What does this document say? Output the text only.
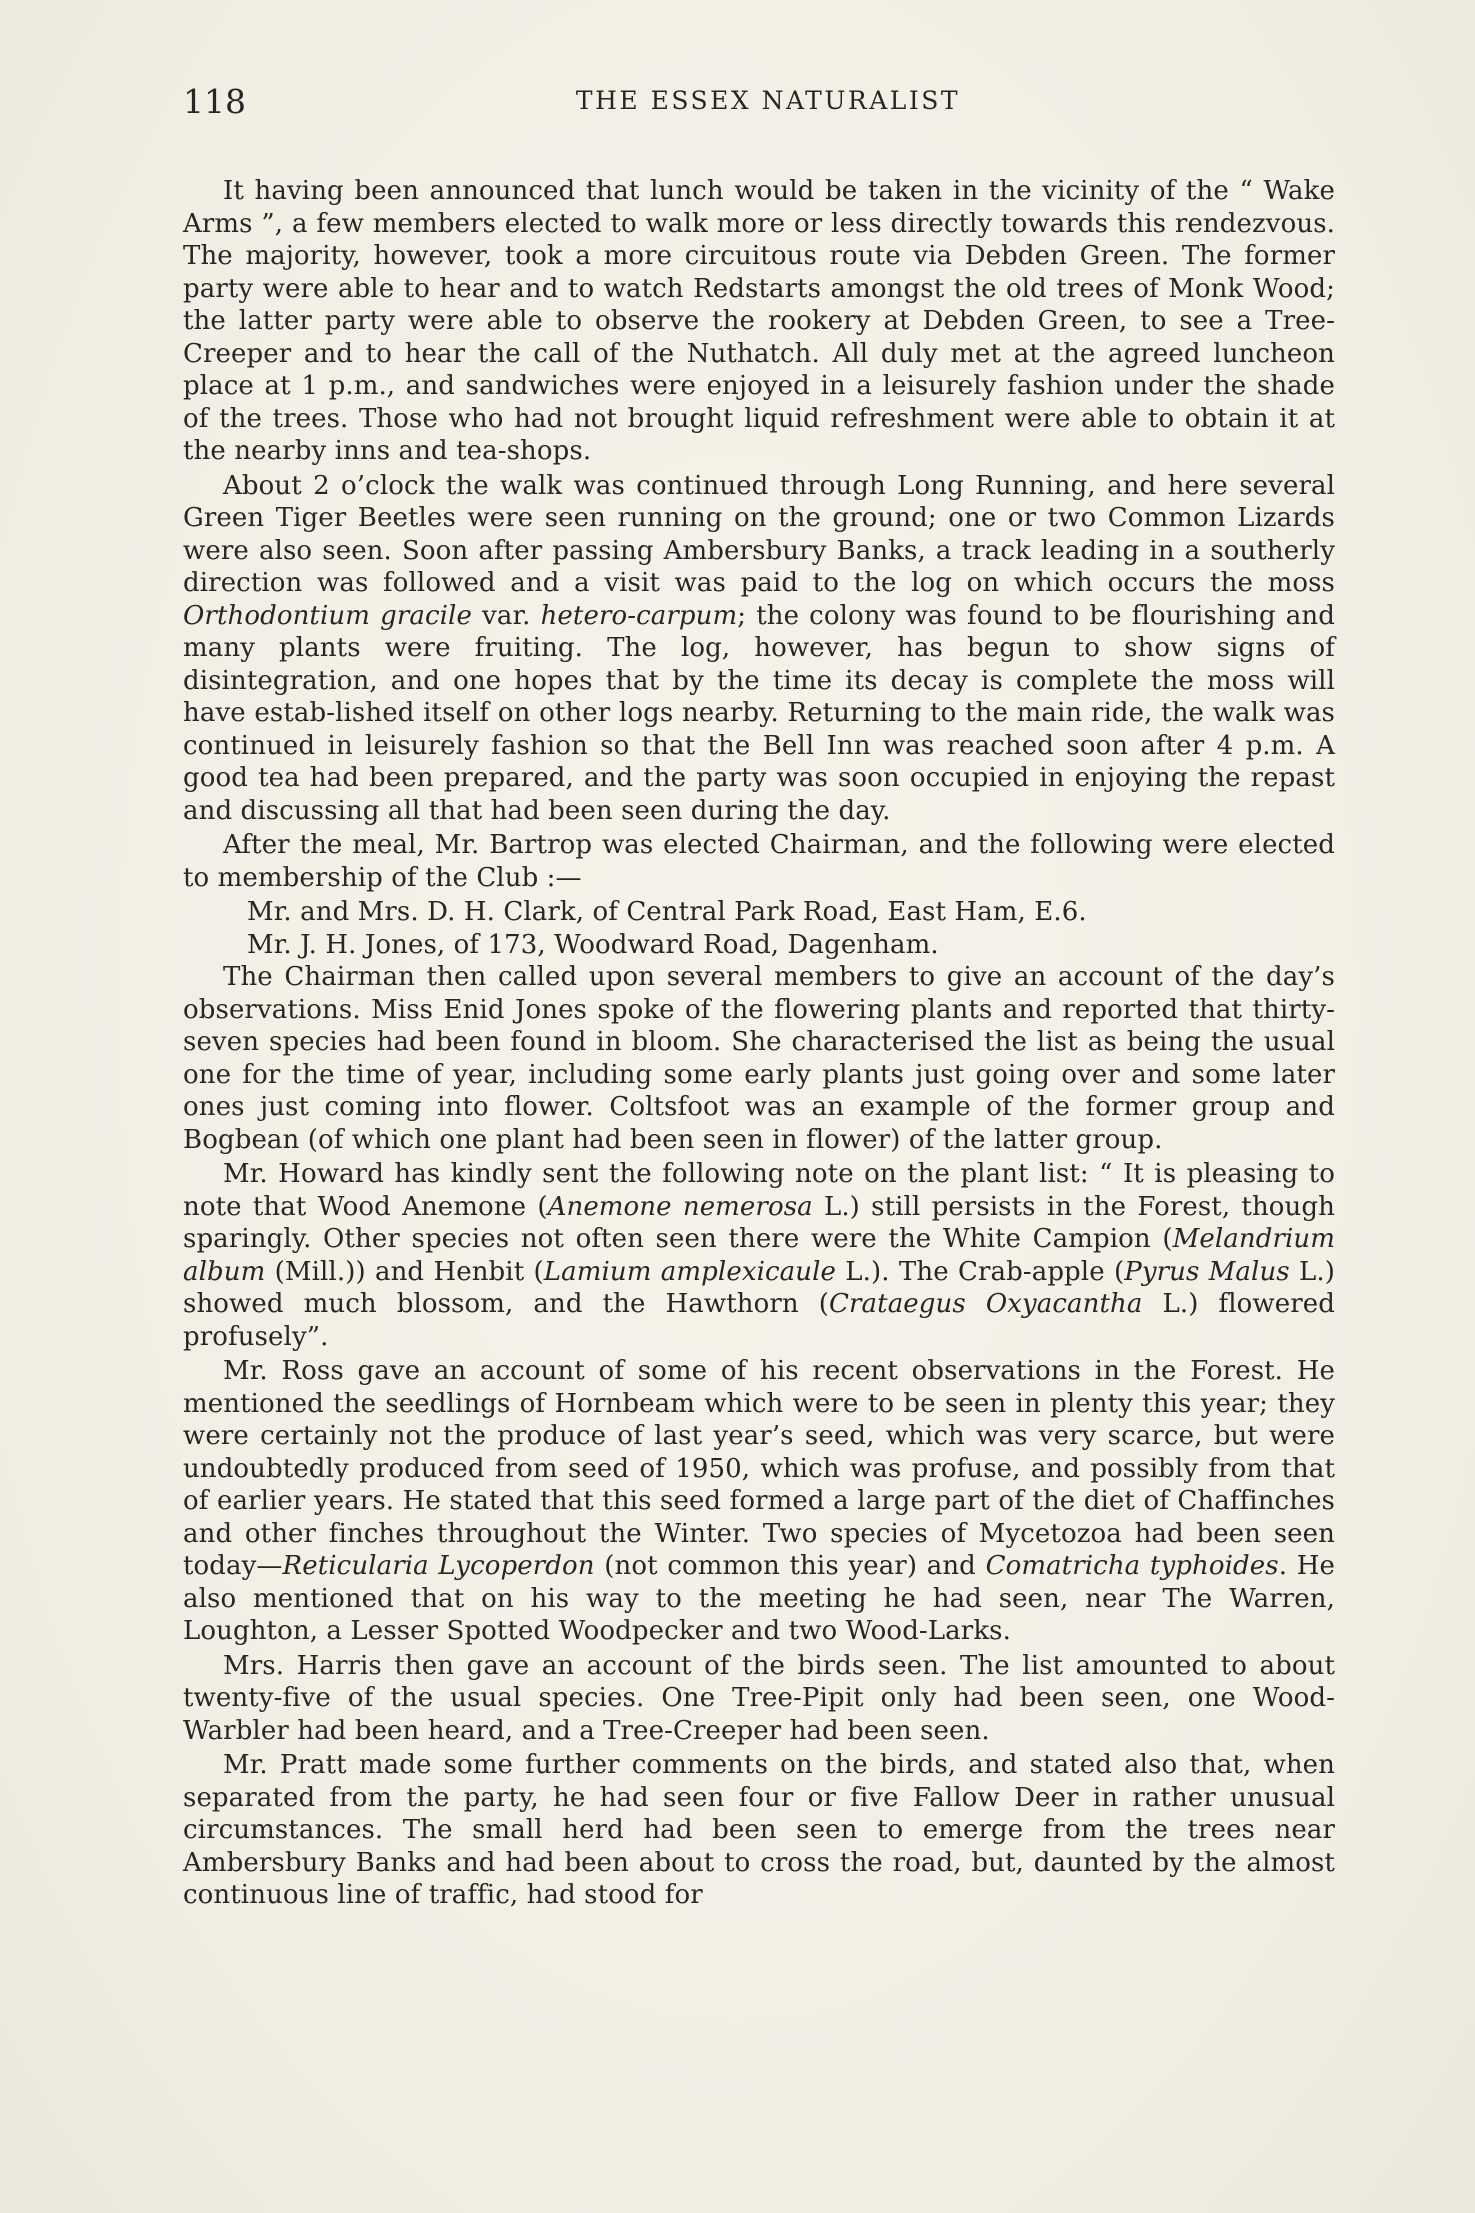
118	THE ESSEX NATURALIST

It having been announced that lunch would be taken in the vicinity of the “ Wake Arms ”, a few members elected to walk more or less directly towards this rendezvous. The majority, however, took a more circuitous route via Debden Green. The former party were able to hear and to watch Redstarts amongst the old trees of Monk Wood; the latter party were able to observe the rookery at Debden Green, to see a Tree-Creeper and to hear the call of the Nuthatch. All duly met at the agreed luncheon place at 1 p.m., and sandwiches were enjoyed in a leisurely fashion under the shade of the trees. Those who had not brought liquid refreshment were able to obtain it at the nearby inns and tea-shops.

About 2 o’clock the walk was continued through Long Running, and here several Green Tiger Beetles were seen running on the ground; one or two Common Lizards were also seen. Soon after passing Ambersbury Banks, a track leading in a southerly direction was followed and a visit was paid to the log on which occurs the moss Orthodontium gracile var. hetero-carpum; the colony was found to be flourishing and many plants were fruiting. The log, however, has begun to show signs of disintegration, and one hopes that by the time its decay is complete the moss will have estab-lished itself on other logs nearby. Returning to the main ride, the walk was continued in leisurely fashion so that the Bell Inn was reached soon after 4 p.m. A good tea had been prepared, and the party was soon occupied in enjoying the repast and discussing all that had been seen during the day.

After the meal, Mr. Bartrop was elected Chairman, and the following were elected to membership of the Club :—

Mr. and Mrs. D. H. Clark, of Central Park Road, East Ham, E.6.

Mr. J. H. Jones, of 173, Woodward Road, Dagenham.

The Chairman then called upon several members to give an account of the day’s observations. Miss Enid Jones spoke of the flowering plants and reported that thirty-seven species had been found in bloom. She characterised the list as being the usual one for the time of year, including some early plants just going over and some later ones just coming into flower. Coltsfoot was an example of the former group and Bogbean (of which one plant had been seen in flower) of the latter group.

Mr. Howard has kindly sent the following note on the plant list: “ It is pleasing to note that Wood Anemone (Anemone nemerosa L.) still persists in the Forest, though sparingly. Other species not often seen there were the White Campion (Melandrium album (Mill.)) and Henbit (Lamium amplexicaule L.). The Crab-apple (Pyrus Malus L.) showed much blossom, and the Hawthorn (Crataegus Oxyacantha L.) flowered profusely”.

Mr. Ross gave an account of some of his recent observations in the Forest. He mentioned the seedlings of Hornbeam which were to be seen in plenty this year; they were certainly not the produce of last year’s seed, which was very scarce, but were undoubtedly produced from seed of 1950, which was profuse, and possibly from that of earlier years. He stated that this seed formed a large part of the diet of Chaffinches and other finches throughout the Winter. Two species of Mycetozoa had been seen today—Reticularia Lycoperdon (not common this year) and Comatricha typhoides. He also mentioned that on his way to the meeting he had seen, near The Warren, Loughton, a Lesser Spotted Woodpecker and two Wood-Larks.

Mrs. Harris then gave an account of the birds seen. The list amounted to about twenty-five of the usual species. One Tree-Pipit only had been seen, one Wood-Warbler had been heard, and a Tree-Creeper had been seen.

Mr. Pratt made some further comments on the birds, and stated also that, when separated from the party, he had seen four or five Fallow Deer in rather unusual circumstances. The small herd had been seen to emerge from the trees near Ambersbury Banks and had been about to cross the road, but, daunted by the almost continuous line of traffic, had stood for
